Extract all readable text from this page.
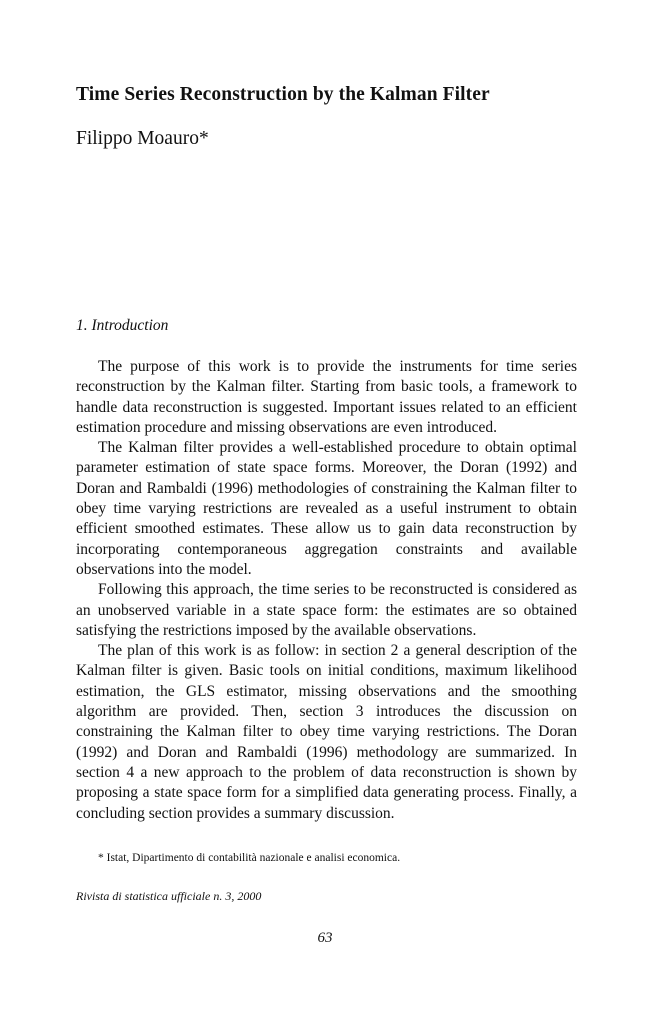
Time Series Reconstruction by the Kalman Filter
Filippo Moauro*
1. Introduction

The purpose of this work is to provide the instruments for time series reconstruction by the Kalman filter. Starting from basic tools, a framework to handle data reconstruction is suggested. Important issues related to an efficient estimation procedure and missing observations are even introduced.

The Kalman filter provides a well-established procedure to obtain optimal parameter estimation of state space forms. Moreover, the Doran (1992) and Doran and Rambaldi (1996) methodologies of constraining the Kalman filter to obey time varying restrictions are revealed as a useful instrument to obtain efficient smoothed estimates. These allow us to gain data reconstruction by incorporating contemporaneous aggregation constraints and available observations into the model.

Following this approach, the time series to be reconstructed is considered as an unobserved variable in a state space form: the estimates are so obtained satisfying the restrictions imposed by the available observations.

The plan of this work is as follow: in section 2 a general description of the Kalman filter is given. Basic tools on initial conditions, maximum likelihood estimation, the GLS estimator, missing observations and the smoothing algorithm are provided. Then, section 3 introduces the discussion on constraining the Kalman filter to obey time varying restrictions. The Doran (1992) and Doran and Rambaldi (1996) methodology are summarized. In section 4 a new approach to the problem of data reconstruction is shown by proposing a state space form for a simplified data generating process. Finally, a concluding section provides a summary discussion.

* Istat, Dipartimento di contabilità nazionale e analisi economica.
Rivista di statistica ufficiale n. 3, 2000
63
